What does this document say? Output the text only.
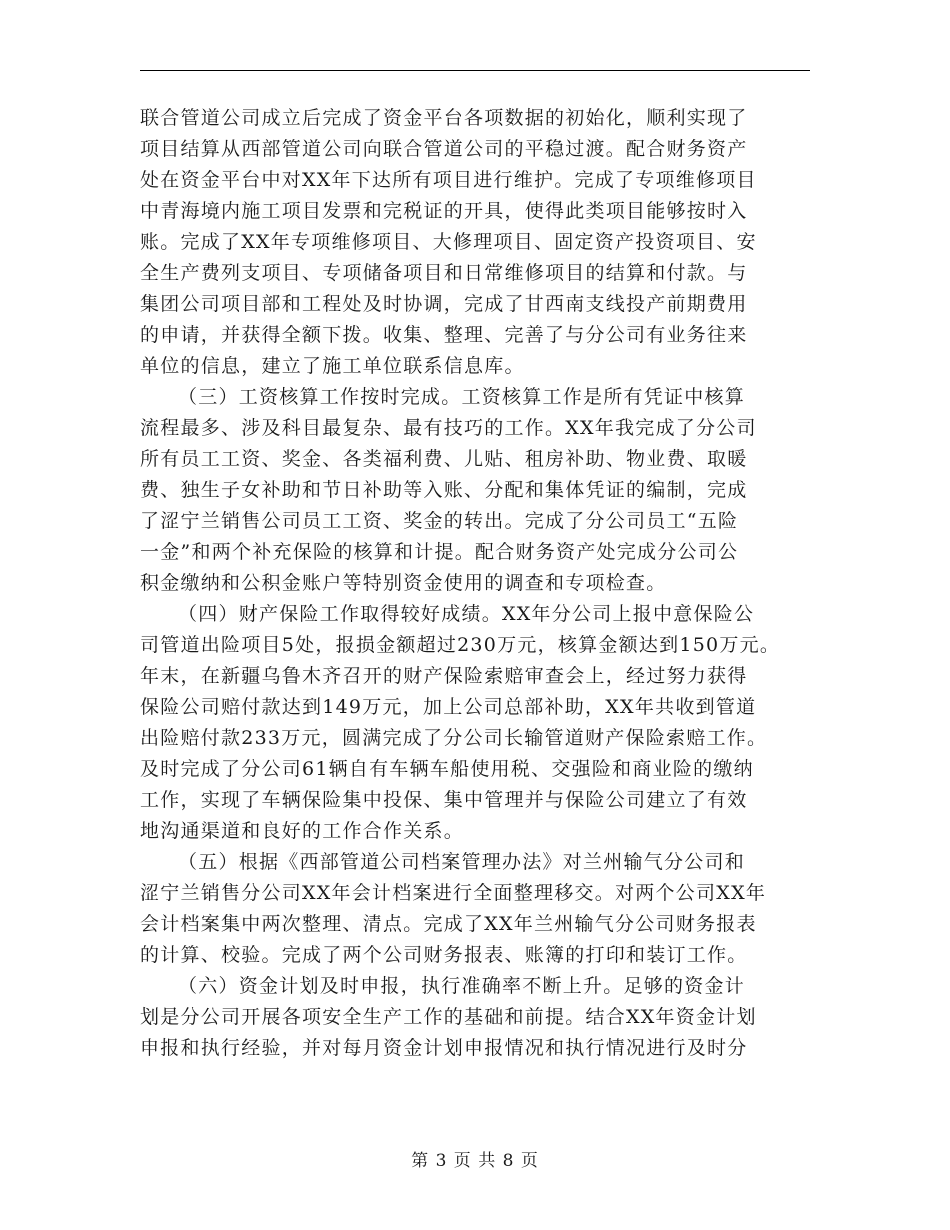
联合管道公司成立后完成了资金平台各项数据的初始化，顺利实现了
项目结算从西部管道公司向联合管道公司的平稳过渡。配合财务资产
处在资金平台中对XX年下达所有项目进行维护。完成了专项维修项目
中青海境内施工项目发票和完税证的开具，使得此类项目能够按时入
账。完成了XX年专项维修项目、大修理项目、固定资产投资项目、安
全生产费列支项目、专项储备项目和日常维修项目的结算和付款。与
集团公司项目部和工程处及时协调，完成了甘西南支线投产前期费用
的申请，并获得全额下拨。收集、整理、完善了与分公司有业务往来
单位的信息，建立了施工单位联系信息库。
（三）工资核算工作按时完成。工资核算工作是所有凭证中核算
流程最多、涉及科目最复杂、最有技巧的工作。XX年我完成了分公司
所有员工工资、奖金、各类福利费、儿贴、租房补助、物业费、取暖
费、独生子女补助和节日补助等入账、分配和集体凭证的编制，完成
了涩宁兰销售公司员工工资、奖金的转出。完成了分公司员工“五险
一金”和两个补充保险的核算和计提。配合财务资产处完成分公司公
积金缴纳和公积金账户等特别资金使用的调查和专项检查。
（四）财产保险工作取得较好成绩。XX年分公司上报中意保险公
司管道出险项目5处，报损金额超过230万元，核算金额达到150万元。
年末，在新疆乌鲁木齐召开的财产保险索赔审查会上，经过努力获得
保险公司赔付款达到149万元，加上公司总部补助，XX年共收到管道
出险赔付款233万元，圆满完成了分公司长输管道财产保险索赔工作。
及时完成了分公司61辆自有车辆车船使用税、交强险和商业险的缴纳
工作，实现了车辆保险集中投保、集中管理并与保险公司建立了有效
地沟通渠道和良好的工作合作关系。
（五）根据《西部管道公司档案管理办法》对兰州输气分公司和
涩宁兰销售分公司XX年会计档案进行全面整理移交。对两个公司XX年
会计档案集中两次整理、清点。完成了XX年兰州输气分公司财务报表
的计算、校验。完成了两个公司财务报表、账簿的打印和装订工作。
（六）资金计划及时申报，执行准确率不断上升。足够的资金计
划是分公司开展各项安全生产工作的基础和前提。结合XX年资金计划
申报和执行经验，并对每月资金计划申报情况和执行情况进行及时分
第 3 页 共 8 页
